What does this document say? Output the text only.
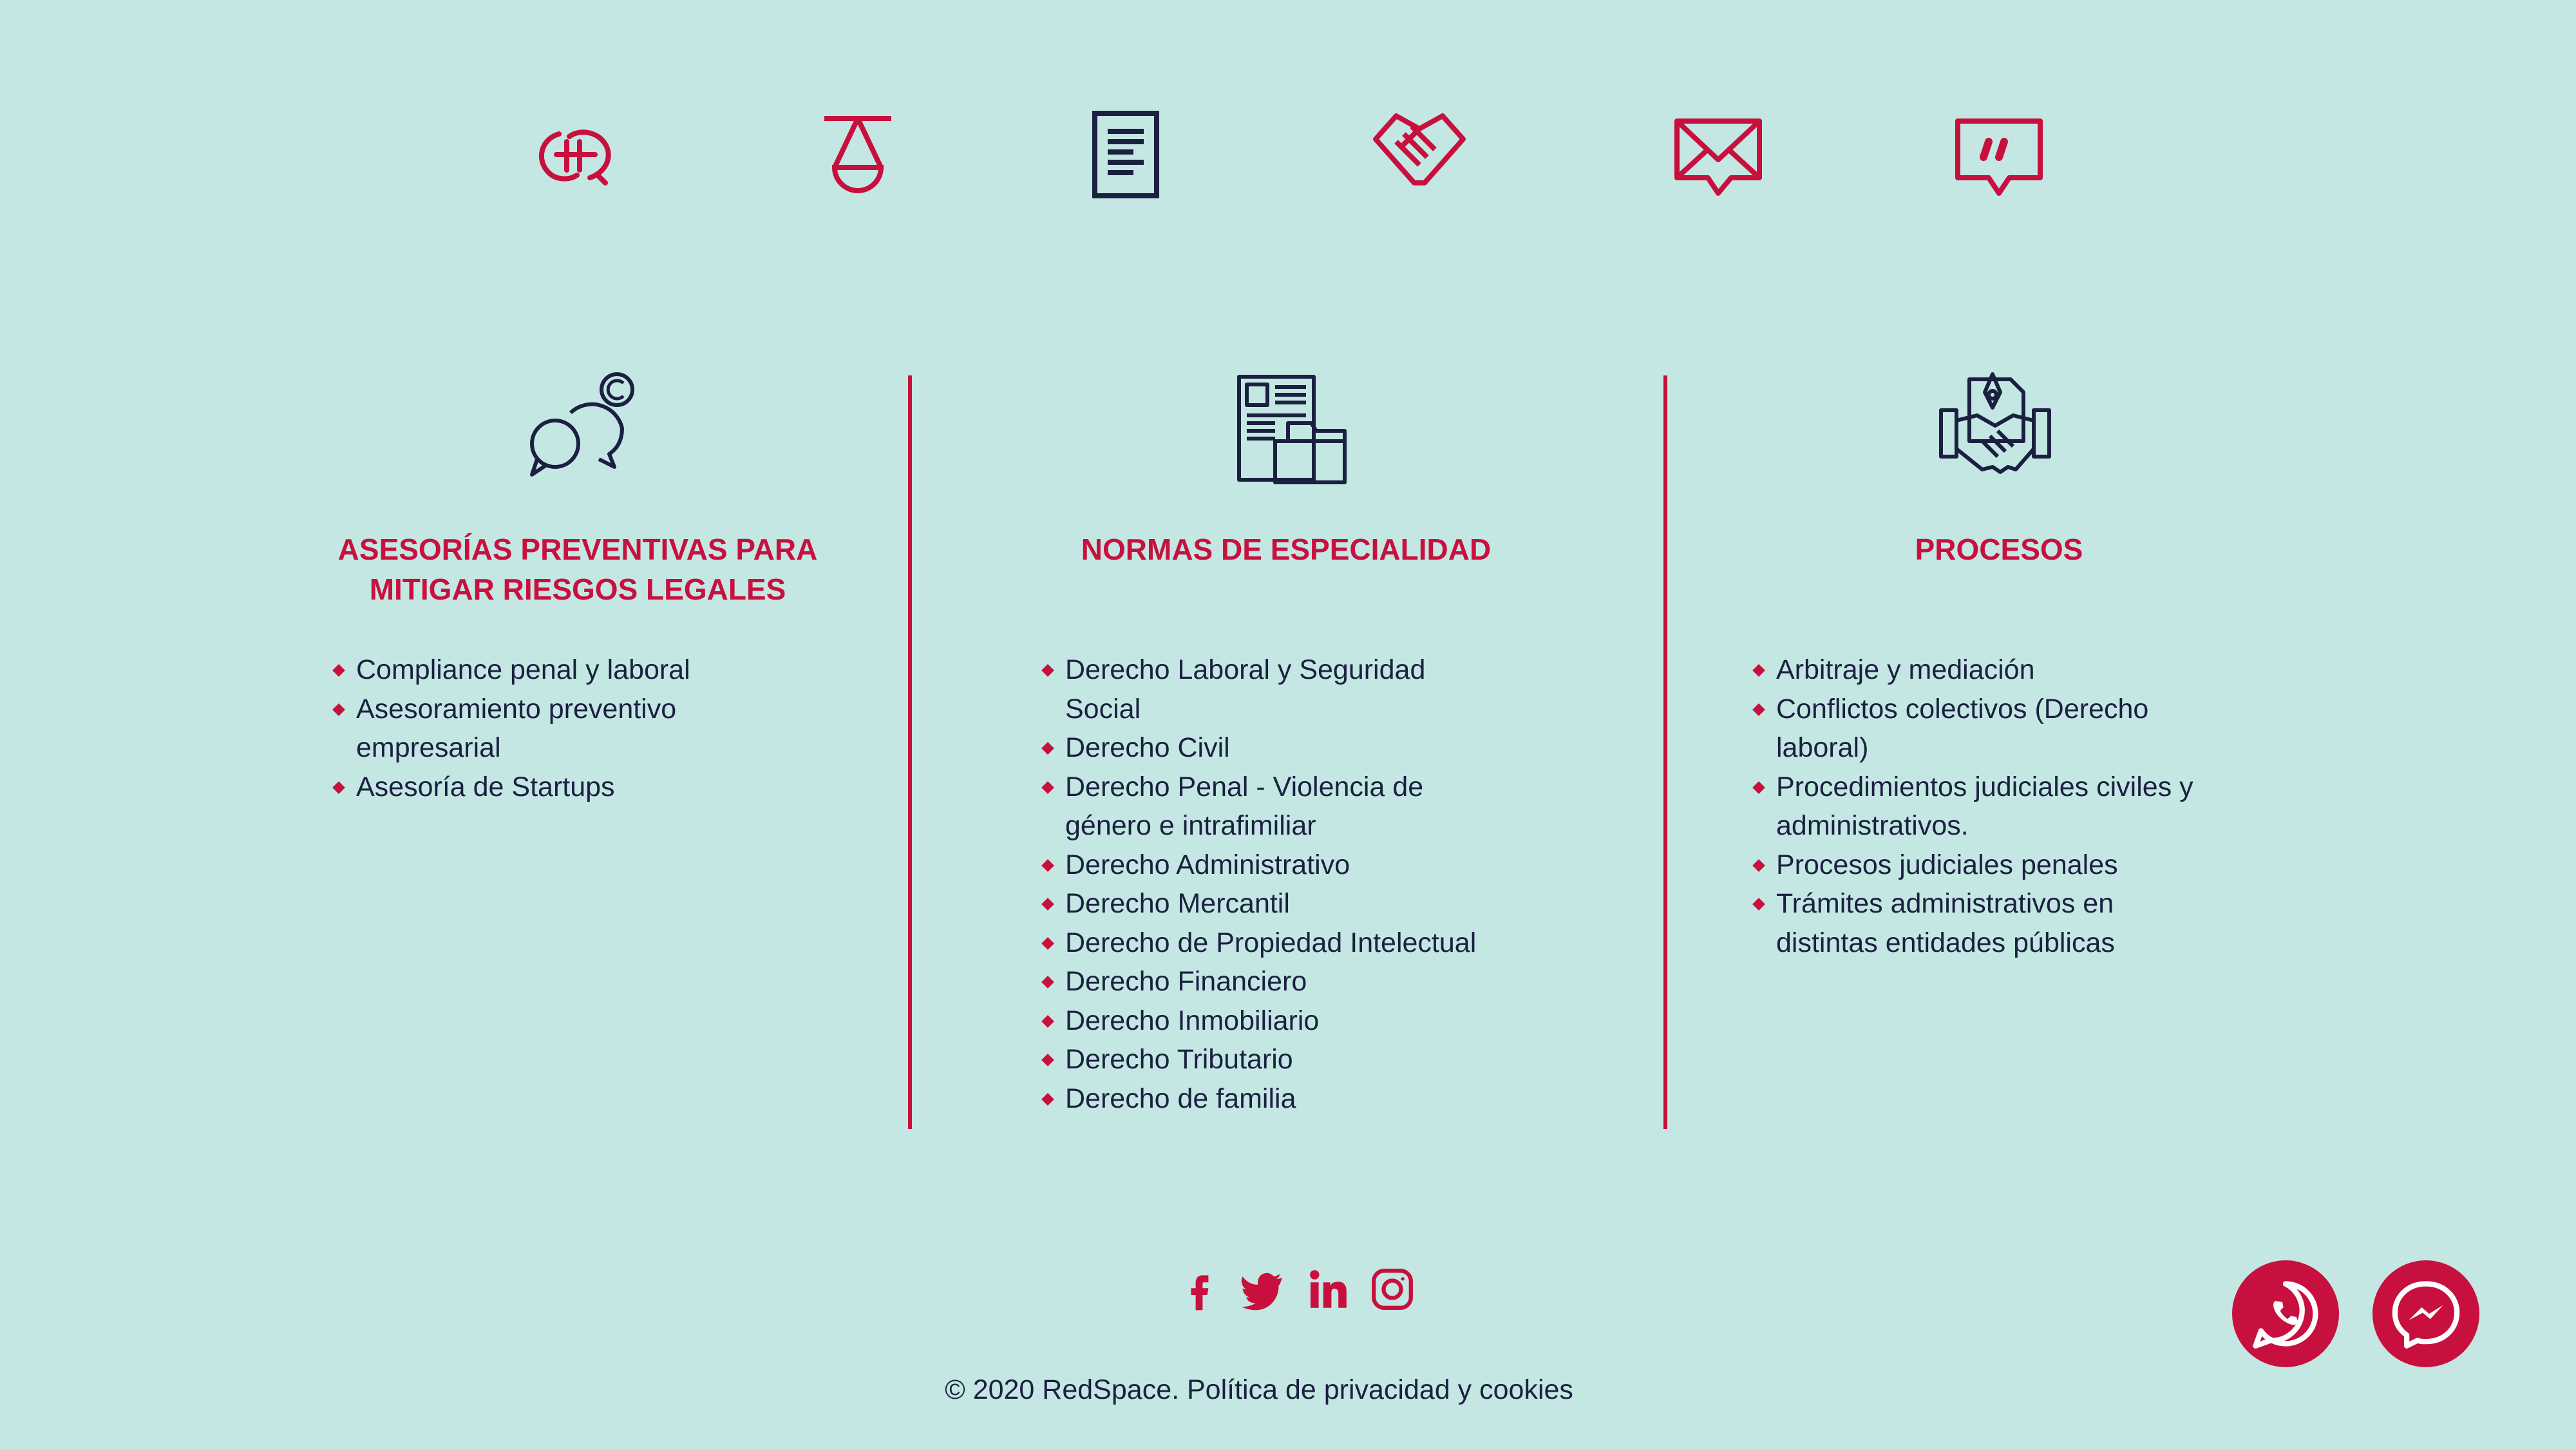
ASESORÍAS PREVENTIVAS PARA
MITIGAR RIESGOS LEGALES
Compliance penal y laboral
Asesoramiento preventivo empresarial
Asesoría de Startups
NORMAS DE ESPECIALIDAD
Derecho Laboral y Seguridad Social
Derecho Civil
Derecho Penal - Violencia de género e intrafimiliar
Derecho Administrativo
Derecho Mercantil
Derecho de Propiedad Intelectual
Derecho Financiero
Derecho Inmobiliario
Derecho Tributario
Derecho de familia
PROCESOS
Arbitraje y mediación
Conflictos colectivos (Derecho laboral)
Procedimientos judiciales civiles y administrativos.
Procesos judiciales penales
Trámites administrativos en distintas entidades públicas
© 2020 RedSpace. Política de privacidad y cookies
